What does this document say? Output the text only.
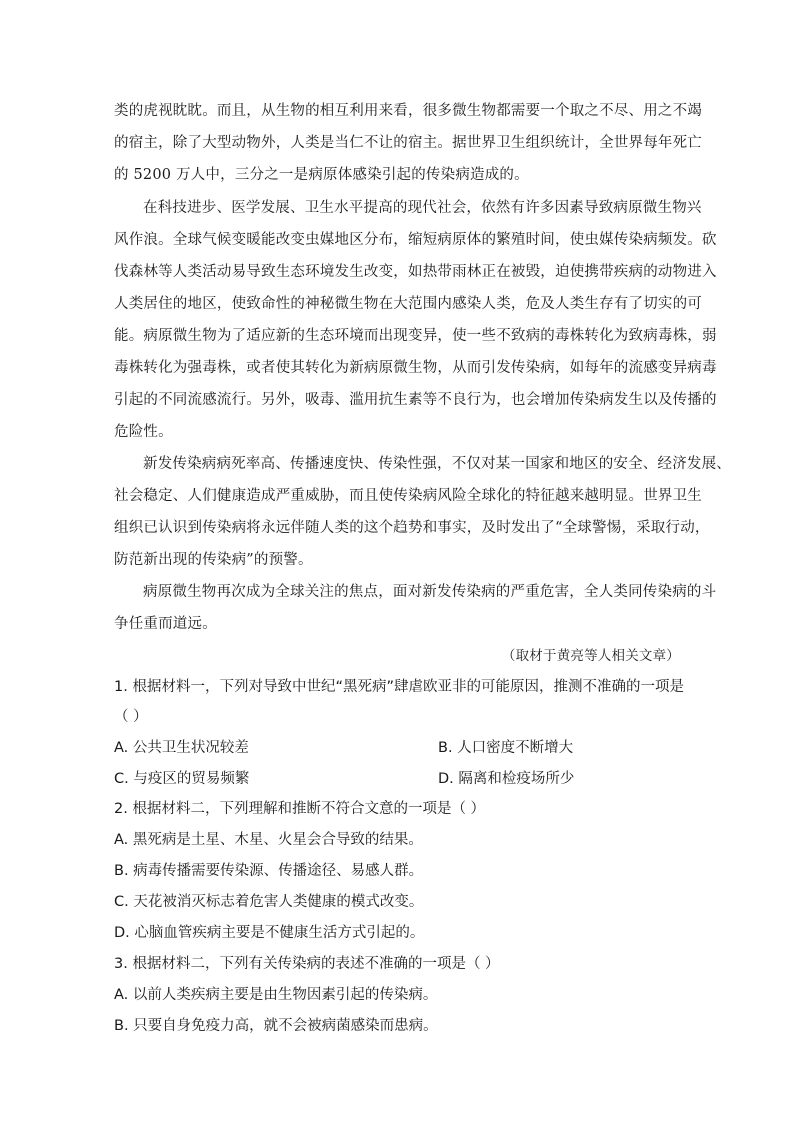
类的虎视眈眈。而且，从生物的相互利用来看，很多微生物都需要一个取之不尽、用之不竭
的宿主，除了大型动物外，人类是当仁不让的宿主。据世界卫生组织统计，全世界每年死亡
的 5200 万人中，三分之一是病原体感染引起的传染病造成的。
在科技进步、医学发展、卫生水平提高的现代社会，依然有许多因素导致病原微生物兴
风作浪。全球气候变暖能改变虫媒地区分布，缩短病原体的繁殖时间，使虫媒传染病频发。砍
伐森林等人类活动易导致生态环境发生改变，如热带雨林正在被毁，迫使携带疾病的动物进入
人类居住的地区，使致命性的神秘微生物在大范围内感染人类，危及人类生存有了切实的可
能。病原微生物为了适应新的生态环境而出现变异，使一些不致病的毒株转化为致病毒株，弱
毒株转化为强毒株，或者使其转化为新病原微生物，从而引发传染病，如每年的流感变异病毒
引起的不同流感流行。另外，吸毒、滥用抗生素等不良行为，也会增加传染病发生以及传播的
危险性。
新发传染病病死率高、传播速度快、传染性强，不仅对某一国家和地区的安全、经济发展、
社会稳定、人们健康造成严重威胁，而且使传染病风险全球化的特征越来越明显。世界卫生
组织已认识到传染病将永远伴随人类的这个趋势和事实，及时发出了“全球警惕，采取行动，
防范新出现的传染病”的预警。
病原微生物再次成为全球关注的焦点，面对新发传染病的严重危害，全人类同传染病的斗
争任重而道远。
（取材于黄亮等人相关文章）
1. 根据材料一，下列对导致中世纪“黑死病”肆虐欧亚非的可能原因，推测不准确的一项是
（ ）
A. 公共卫生状况较差	B. 人口密度不断增大
C. 与疫区的贸易频繁	D. 隔离和检疫场所少
2. 根据材料二，下列理解和推断不符合文意的一项是（ ）
A. 黑死病是土星、木星、火星会合导致的结果。
B. 病毒传播需要传染源、传播途径、易感人群。
C. 天花被消灭标志着危害人类健康的模式改变。
D. 心脑血管疾病主要是不健康生活方式引起的。
3. 根据材料二，下列有关传染病的表述不准确的一项是（ ）
A. 以前人类疾病主要是由生物因素引起的传染病。
B. 只要自身免疫力高，就不会被病菌感染而患病。
